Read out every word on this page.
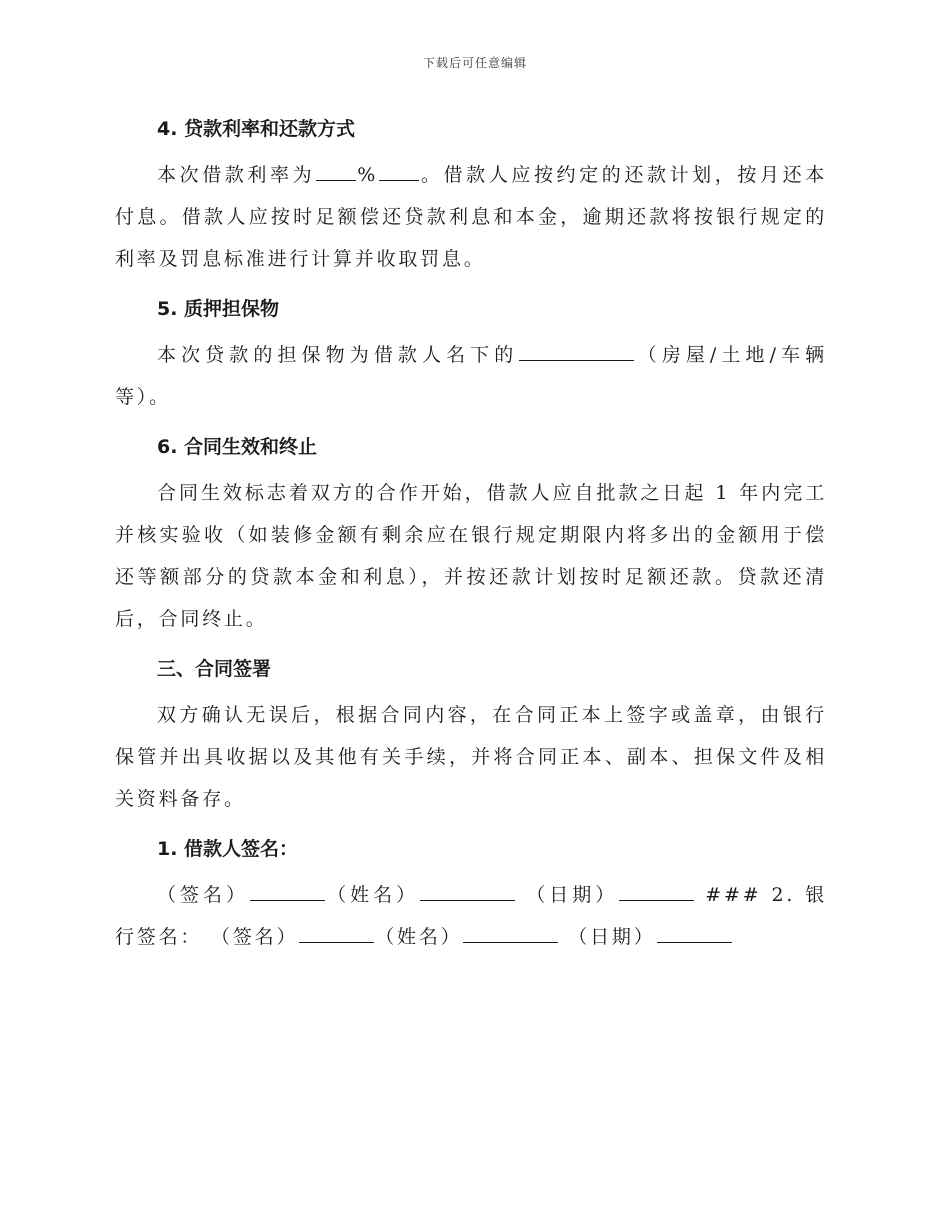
下载后可任意编辑
4. 贷款利率和还款方式

本次借款利率为 % 。借款人应按约定的还款计划，按月还本付息。借款人应按时足额偿还贷款利息和本金，逾期还款将按银行规定的利率及罚息标准进行计算并收取罚息。

5. 质押担保物

本次贷款的担保物为借款人名下的	（房屋/土地/车辆等）。

6. 合同生效和终止

合同生效标志着双方的合作开始，借款人应自批款之日起 1 年内完工并核实验收（如装修金额有剩余应在银行规定期限内将多出的金额用于偿还等额部分的贷款本金和利息），并按还款计划按时足额还款。贷款还清后，合同终止。

三、合同签署

双方确认无误后，根据合同内容，在合同正本上签字或盖章，由银行保管并出具收据以及其他有关手续，并将合同正本、副本、担保文件及相关资料备存。

1. 借款人签名：

（签名）	（姓名）	（日期）	### 2. 银行签名： （签名）	（姓名）	（日期）
